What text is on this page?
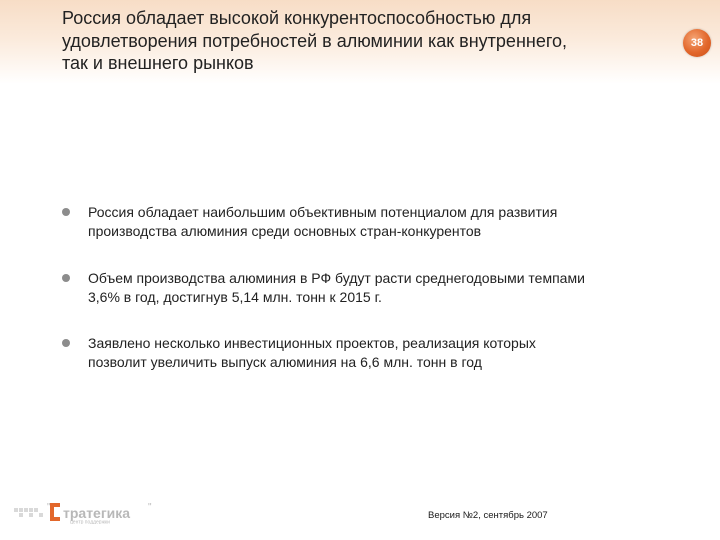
Россия обладает высокой конкурентоспособностью для
удовлетворения потребностей в алюминии как внутреннего,
так и внешнего рынков
38
Россия обладает наибольшим объективным потенциалом для развития
производства алюминия среди основных стран-конкурентов
Объем производства алюминия в РФ будут расти среднегодовыми темпами
3,6% в год, достигнув 5,14 млн. тонн к 2015 г.
Заявлено несколько инвестиционных проектов, реализация которых
позволит увеличить выпуск алюминия на 6,6 млн. тонн в год
" тратегика "
центр поддержки
Версия №2, сентябрь 2007
